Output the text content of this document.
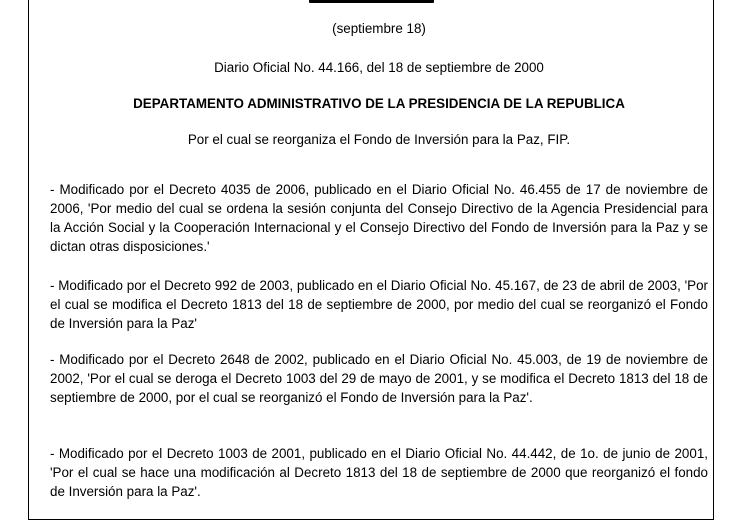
(septiembre 18)
Diario Oficial No. 44.166, del 18 de septiembre de 2000
DEPARTAMENTO ADMINISTRATIVO DE LA PRESIDENCIA DE LA REPUBLICA
Por el cual se reorganiza el Fondo de Inversión para la Paz, FIP.
- Modificado por el Decreto 4035 de 2006, publicado en el Diario Oficial No. 46.455 de 17 de noviembre de 2006, 'Por medio del cual se ordena la sesión conjunta del Consejo Directivo de la Agencia Presidencial para la Acción Social y la Cooperación Internacional y el Consejo Directivo del Fondo de Inversión para la Paz y se dictan otras disposiciones.'
- Modificado por el Decreto 992 de 2003, publicado en el Diario Oficial No. 45.167, de 23 de abril de 2003, 'Por el cual se modifica el Decreto 1813 del 18 de septiembre de 2000, por medio del cual se reorganizó el Fondo de Inversión para la Paz'
- Modificado por el Decreto 2648 de 2002, publicado en el Diario Oficial No. 45.003, de 19 de noviembre de 2002, 'Por el cual se deroga el Decreto 1003 del 29 de mayo de 2001, y se modifica el Decreto 1813 del 18 de septiembre de 2000, por el cual se reorganizó el Fondo de Inversión para la Paz'.
- Modificado por el Decreto 1003 de 2001, publicado en el Diario Oficial No. 44.442, de 1o. de junio de 2001, 'Por el cual se hace una modificación al Decreto 1813 del 18 de septiembre de 2000 que reorganizó el fondo de Inversión para la Paz'.
